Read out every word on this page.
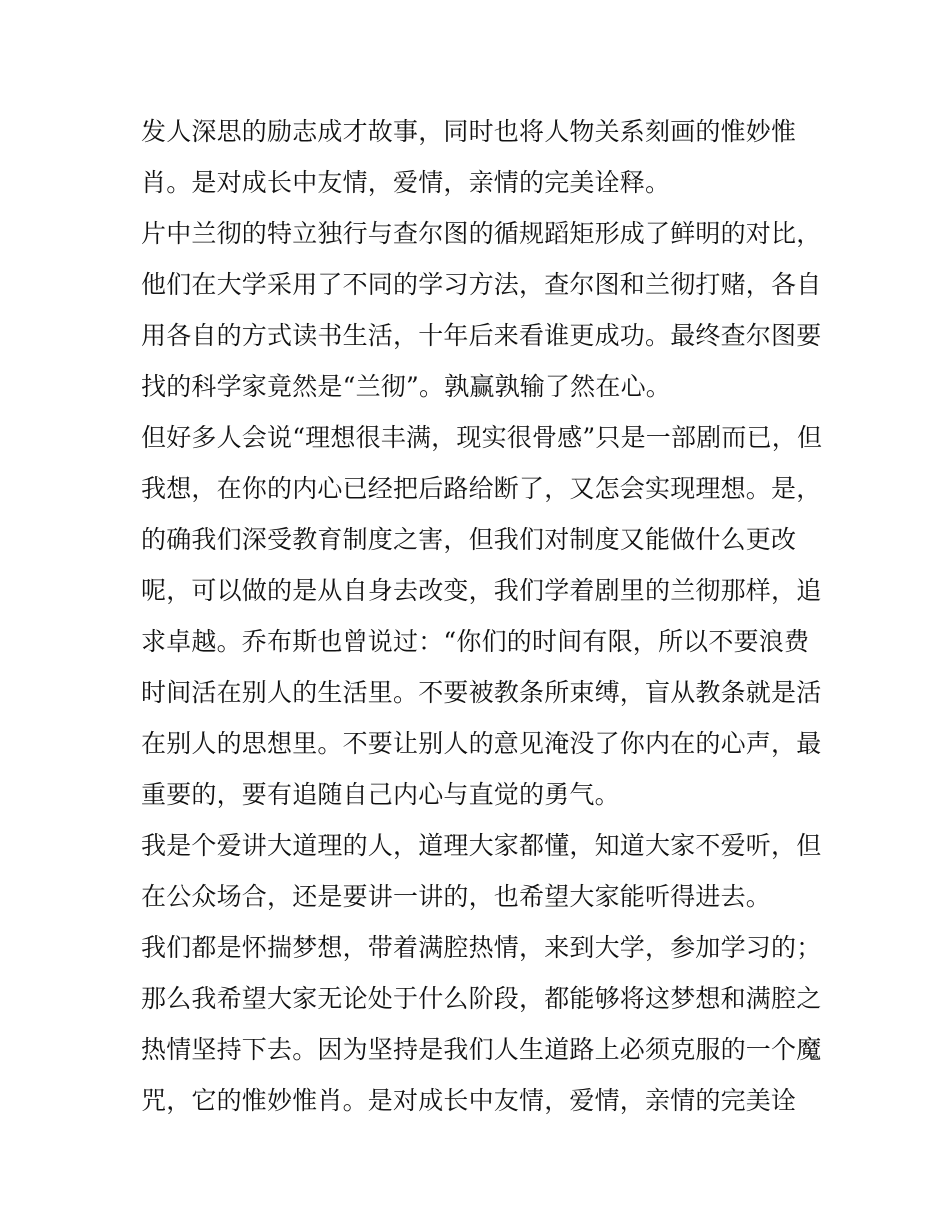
发人深思的励志成才故事，同时也将人物关系刻画的惟妙惟
肖。是对成长中友情，爱情，亲情的完美诠释。
片中兰彻的特立独行与查尔图的循规蹈矩形成了鲜明的对比，
他们在大学采用了不同的学习方法，查尔图和兰彻打赌，各自
用各自的方式读书生活，十年后来看谁更成功。最终查尔图要
找的科学家竟然是“兰彻”。孰赢孰输了然在心。
但好多人会说“理想很丰满，现实很骨感”只是一部剧而已，但
我想，在你的内心已经把后路给断了，又怎会实现理想。是，
的确我们深受教育制度之害，但我们对制度又能做什么更改
呢，可以做的是从自身去改变，我们学着剧里的兰彻那样，追
求卓越。乔布斯也曾说过：“你们的时间有限，所以不要浪费
时间活在别人的生活里。不要被教条所束缚，盲从教条就是活
在别人的思想里。不要让别人的意见淹没了你内在的心声，最
重要的，要有追随自己内心与直觉的勇气。
我是个爱讲大道理的人，道理大家都懂，知道大家不爱听，但
在公众场合，还是要讲一讲的，也希望大家能听得进去。
我们都是怀揣梦想，带着满腔热情，来到大学，参加学习的；
那么我希望大家无论处于什么阶段，都能够将这梦想和满腔之
热情坚持下去。因为坚持是我们人生道路上必须克服的一个魔
咒，它的惟妙惟肖。是对成长中友情，爱情，亲情的完美诠
